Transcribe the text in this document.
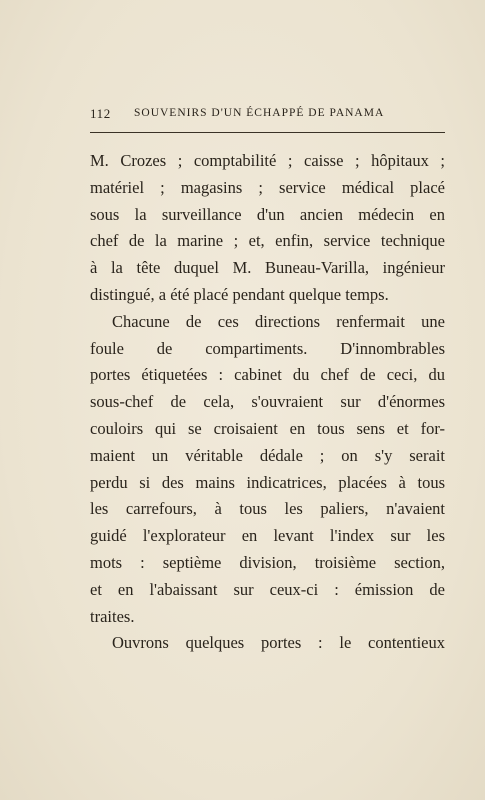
112 SOUVENIRS D'UN ÉCHAPPÉ DE PANAMA
M. Crozes ; comptabilité ; caisse ; hôpitaux ;
matériel ; magasins ; service médical placé
sous la surveillance d'un ancien médecin en
chef de la marine ; et, enfin, service technique
à la tête duquel M. Buneau-Varilla, ingénieur
distingué, a été placé pendant quelque temps.
Chacune de ces directions renfermait une
foule de compartiments. D'innombrables
portes étiquetées : cabinet du chef de ceci, du
sous-chef de cela, s'ouvraient sur d'énormes
couloirs qui se croisaient en tous sens et for-
maient un véritable dédale ; on s'y serait
perdu si des mains indicatrices, placées à tous
les carrefours, à tous les paliers, n'avaient
guidé l'explorateur en levant l'index sur les
mots : septième division, troisième section,
et en l'abaissant sur ceux-ci : émission de
traites.
Ouvrons quelques portes : le contentieux
